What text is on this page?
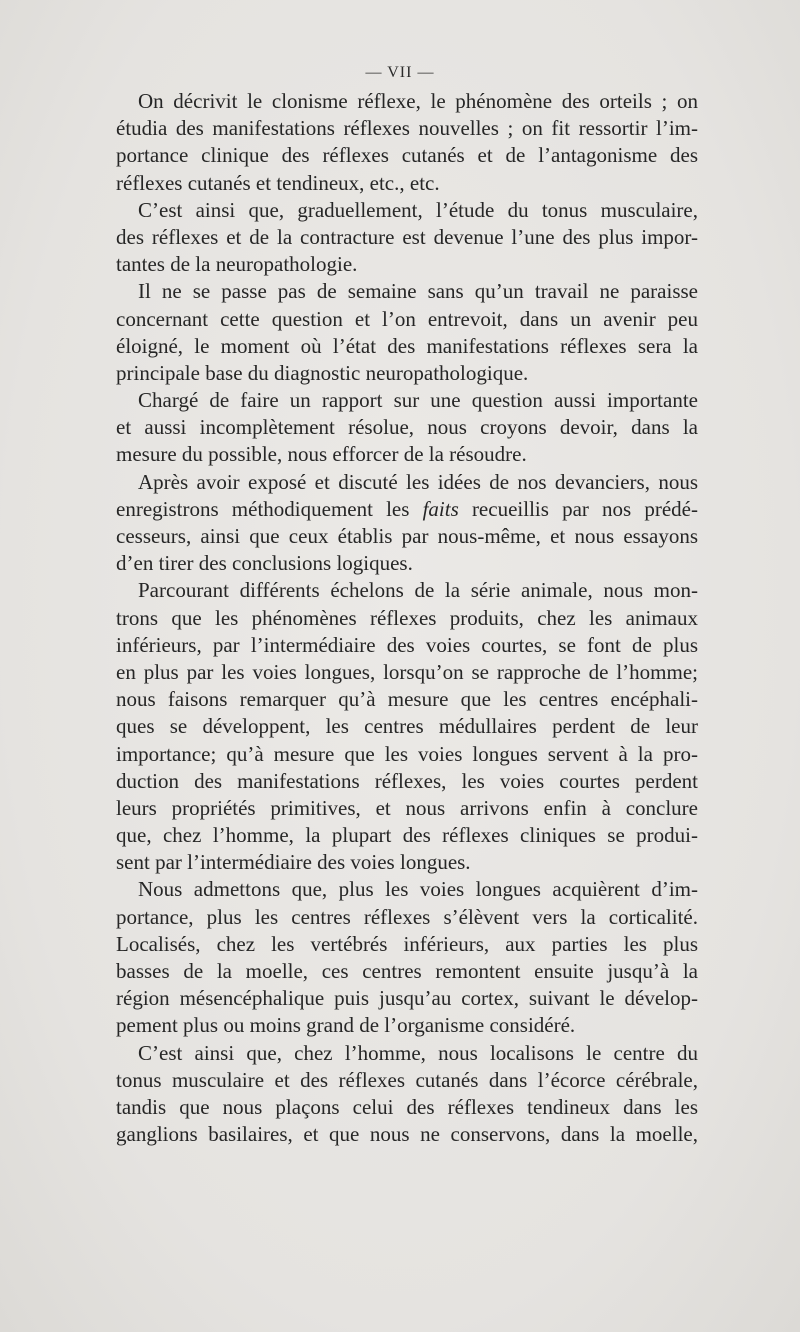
— VII —
On décrivit le clonisme réflexe, le phénomène des orteils ; on
étudia des manifestations réflexes nouvelles ; on fit ressortir l’im-
portance clinique des réflexes cutanés et de l’antagonisme des
réflexes cutanés et tendineux, etc., etc.
C’est ainsi que, graduellement, l’étude du tonus musculaire,
des réflexes et de la contracture est devenue l’une des plus impor-
tantes de la neuropathologie.
Il ne se passe pas de semaine sans qu’un travail ne paraisse
concernant cette question et l’on entrevoit, dans un avenir peu
éloigné, le moment où l’état des manifestations réflexes sera la
principale base du diagnostic neuropathologique.
Chargé de faire un rapport sur une question aussi importante
et aussi incomplètement résolue, nous croyons devoir, dans la
mesure du possible, nous efforcer de la résoudre.
Après avoir exposé et discuté les idées de nos devanciers, nous
enregistrons méthodiquement les faits recueillis par nos prédé-
cesseurs, ainsi que ceux établis par nous-même, et nous essayons
d’en tirer des conclusions logiques.
Parcourant différents échelons de la série animale, nous mon-
trons que les phénomènes réflexes produits, chez les animaux
inférieurs, par l’intermédiaire des voies courtes, se font de plus
en plus par les voies longues, lorsqu’on se rapproche de l’homme;
nous faisons remarquer qu’à mesure que les centres encéphali-
ques se développent, les centres médullaires perdent de leur
importance; qu’à mesure que les voies longues servent à la pro-
duction des manifestations réflexes, les voies courtes perdent
leurs propriétés primitives, et nous arrivons enfin à conclure
que, chez l’homme, la plupart des réflexes cliniques se produi-
sent par l’intermédiaire des voies longues.
Nous admettons que, plus les voies longues acquièrent d’im-
portance, plus les centres réflexes s’élèvent vers la corticalité.
Localisés, chez les vertébrés inférieurs, aux parties les plus
basses de la moelle, ces centres remontent ensuite jusqu’à la
région mésencéphalique puis jusqu’au cortex, suivant le dévelop-
pement plus ou moins grand de l’organisme considéré.
C’est ainsi que, chez l’homme, nous localisons le centre du
tonus musculaire et des réflexes cutanés dans l’écorce cérébrale,
tandis que nous plaçons celui des réflexes tendineux dans les
ganglions basilaires, et que nous ne conservons, dans la moelle,
